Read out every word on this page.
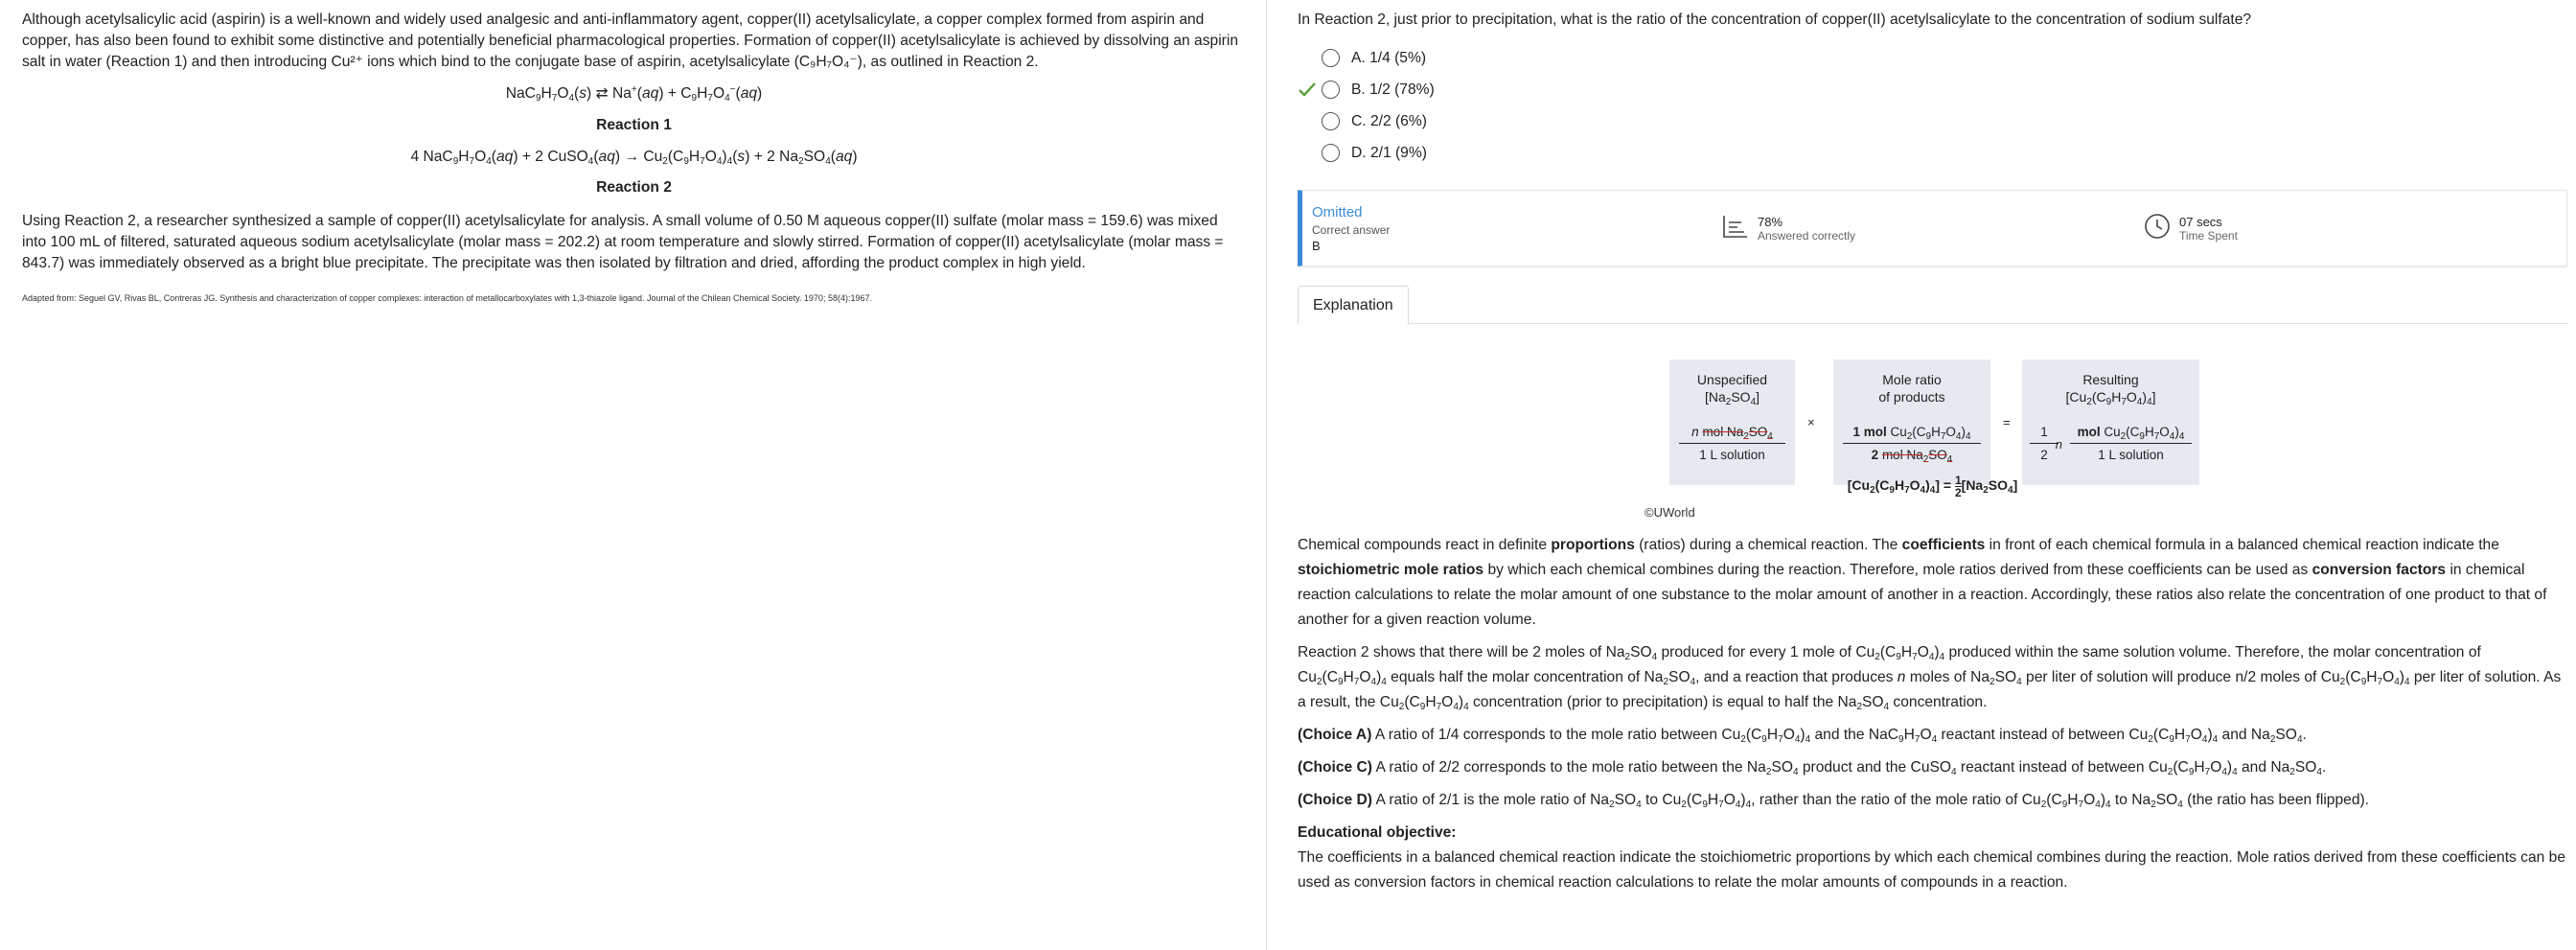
Although acetylsalicylic acid (aspirin) is a well-known and widely used analgesic and anti-inflammatory agent, copper(II) acetylsalicylate, a copper complex formed from aspirin and copper, has also been found to exhibit some distinctive and potentially beneficial pharmacological properties. Formation of copper(II) acetylsalicylate is achieved by dissolving an aspirin salt in water (Reaction 1) and then introducing Cu²⁺ ions which bind to the conjugate base of aspirin, acetylsalicylate (C₉H₇O₄⁻), as outlined in Reaction 2.

$NaC_9H_7O_4(s)$ ⇄ $Na^+(aq) + C_9H_7O_4^-(aq)$
Reaction 1
4 $NaC_9H_7O_4(aq) + 2$ CuSO$_4$(aq) → $Cu_2(C_9H_7O_4)_4(s) + 2$ $Na_2SO_4(aq)$
Reaction 2

Using Reaction 2, a researcher synthesized a sample of copper(II) acetylsalicylate for analysis. A small volume of 0.50 M aqueous copper(II) sulfate (molar mass = 159.6) was mixed into 100 mL of filtered, saturated aqueous sodium acetylsalicylate (molar mass = 202.2) at room temperature and slowly stirred. Formation of copper(II) acetylsalicylate (molar mass = 843.7) was immediately observed as a bright blue precipitate. The precipitate was then isolated by filtration and dried, affording the product complex in high yield.

Adapted from: Seguel GV, Rivas BL, Contreras JG. Synthesis and characterization of copper complexes: interaction of metallocarboxylates with 1,3-thiazole ligand. Journal of the Chilean Chemical Society. 1970; 58(4):1967.

In Reaction 2, just prior to precipitation, what is the ratio of the concentration of copper(II) acetylsalicylate to the concentration of sodium sulfate?

A.
1/4
(5%)
B.
1/2
(78%)
C.
2/2
(6%)
D.
2/1
(9%)
Omitted
Correct answer
B
78%
Answered correctly
07 secs
Time Spent
Explanation
Unspecified
$[Na_2SO_4]$
n mol $Na_2SO_4$
1 L solution
×
Mole ratio
of products
1 mol $Cu_2(C_9H_7O_4)_4$
2 mol $Na_2SO_4$
=
Resulting
$[Cu_2(C_9H_7O_4)_4]$
1
2
n $\frac{mol Cu_2(C_9H_7O_4)_4}{\text{1 L solution}}$
$[Cu_2(C_9H_7O_4)_4] = \frac{1}{2} [Na_2SO_4]$
©UWorld

Chemical compounds react in definite proportions (ratios) during a chemical reaction. The coefficients in front of each chemical formula in a balanced chemical reaction indicate the stoichiometric mole ratios by which each chemical combines during the reaction. Therefore, mole ratios derived from these coefficients can be used as conversion factors in chemical reaction calculations to relate the molar amount of one substance to the molar amount of another in a reaction. Accordingly, these ratios also relate the concentration of one product to that of another for a given reaction volume.

Reaction 2 shows that there will be 2 moles of $Na_2SO_4$ produced for every 1 mole of $Cu_2(C_9H_7O_4)_4$ produced within the same solution volume. Therefore, the molar concentration of $Cu_2(C_9H_7O_4)_4$ equals half the molar concentration of $Na_2SO_4$, and a reaction that produces n moles of $Na_2SO_4$ per liter of solution will produce n/2 moles of $Cu_2(C_9H_7O_4)_4$ per liter of solution. As a result, the $Cu_2(C_9H_7O_4)_4$ concentration (prior to precipitation) is equal to half the $Na_2SO_4$ concentration.

(Choice A) A ratio of 1/4 corresponds to the mole ratio between $Cu_2(C_9H_7O_4)_4$ and the $NaC_9H_7O_4$ reactant instead of between $Cu_2(C_9H_7O_4)_4$ and $Na_2SO_4$.

(Choice C) A ratio of 2/2 corresponds to the mole ratio between the $Na_2SO_4$ product and the CuSO$_4$ reactant instead of between $Cu_2(C_9H_7O_4)_4$ and $Na_2SO_4$.

(Choice D) A ratio of 2/1 is the mole ratio of $Na_2SO_4$ to $Cu_2(C_9H_7O_4)_4$, rather than the ratio of the mole ratio of $Cu_2(C_9H_7O_4)_4$ to $Na_2SO_4$ (the ratio has been flipped).

Educational objective:

The coefficients in a balanced chemical reaction indicate the stoichiometric proportions by which each chemical combines during the reaction. Mole ratios derived from these coefficients can be used as conversion factors in chemical reaction calculations to relate the molar amounts of compounds in a reaction.
